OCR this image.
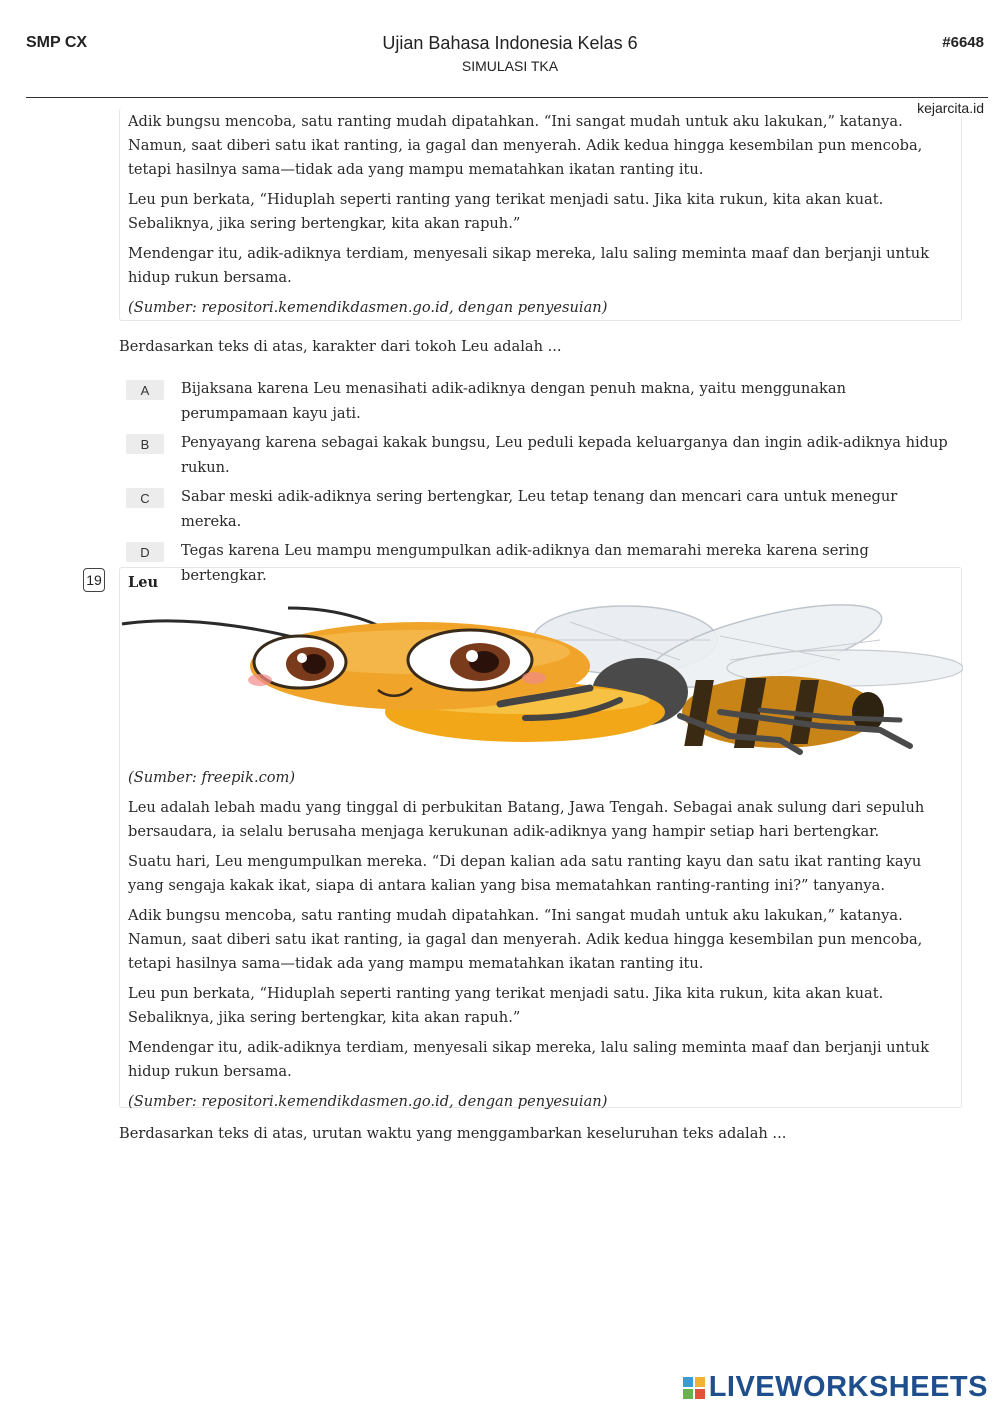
SMP CX	Ujian Bahasa Indonesia Kelas 6
SIMULASI TKA
#6648

Adik bungsu mencoba, satu ranting mudah dipatahkan. “Ini sangat mudah untuk aku lakukan,” katanya. Namun, saat diberi satu ikat ranting, ia gagal dan menyerah. Adik kedua hingga kesembilan pun mencoba, tetapi hasilnya sama—tidak ada yang mampu mematahkan ikatan ranting itu.

Leu pun berkata, “Hiduplah seperti ranting yang terikat menjadi satu. Jika kita rukun, kita akan kuat. Sebaliknya, jika sering bertengkar, kita akan rapuh.”

Mendengar itu, adik-adiknya terdiam, menyesali sikap mereka, lalu saling meminta maaf dan berjanji untuk hidup rukun bersama.

(Sumber: repositori.kemendikdasmen.go.id, dengan penyesuian)

kejarcita.id
Berdasarkan teks di atas, karakter dari tokoh Leu adalah ...
A	Bijaksana karena Leu menasihati adik-adiknya dengan penuh makna, yaitu menggunakan perumpamaan kayu jati.
B	Penyayang karena sebagai kakak bungsu, Leu peduli kepada keluarganya dan ingin adik-adiknya hidup rukun.
C	Sabar meski adik-adiknya sering bertengkar, Leu tetap tenang dan mencari cara untuk menegur mereka.
D	Tegas karena Leu mampu mengumpulkan adik-adiknya dan memarahi mereka karena sering bertengkar.
19 Leu

(Sumber: freepik.com)

Leu adalah lebah madu yang tinggal di perbukitan Batang, Jawa Tengah. Sebagai anak sulung dari sepuluh bersaudara, ia selalu berusaha menjaga kerukunan adik-adiknya yang hampir setiap hari bertengkar.

Suatu hari, Leu mengumpulkan mereka. “Di depan kalian ada satu ranting kayu dan satu ikat ranting kayu yang sengaja kakak ikat, siapa di antara kalian yang bisa mematahkan ranting-ranting ini?” tanyanya.

Adik bungsu mencoba, satu ranting mudah dipatahkan. “Ini sangat mudah untuk aku lakukan,” katanya. Namun, saat diberi satu ikat ranting, ia gagal dan menyerah. Adik kedua hingga kesembilan pun mencoba, tetapi hasilnya sama—tidak ada yang mampu mematahkan ikatan ranting itu.

Leu pun berkata, “Hiduplah seperti ranting yang terikat menjadi satu. Jika kita rukun, kita akan kuat. Sebaliknya, jika sering bertengkar, kita akan rapuh.”

Mendengar itu, adik-adiknya terdiam, menyesali sikap mereka, lalu saling meminta maaf dan berjanji untuk hidup rukun bersama.

(Sumber: repositori.kemendikdasmen.go.id, dengan penyesuian)

Berdasarkan teks di atas, urutan waktu yang menggambarkan keseluruhan teks adalah ...
LIVEWORKSHEETS
